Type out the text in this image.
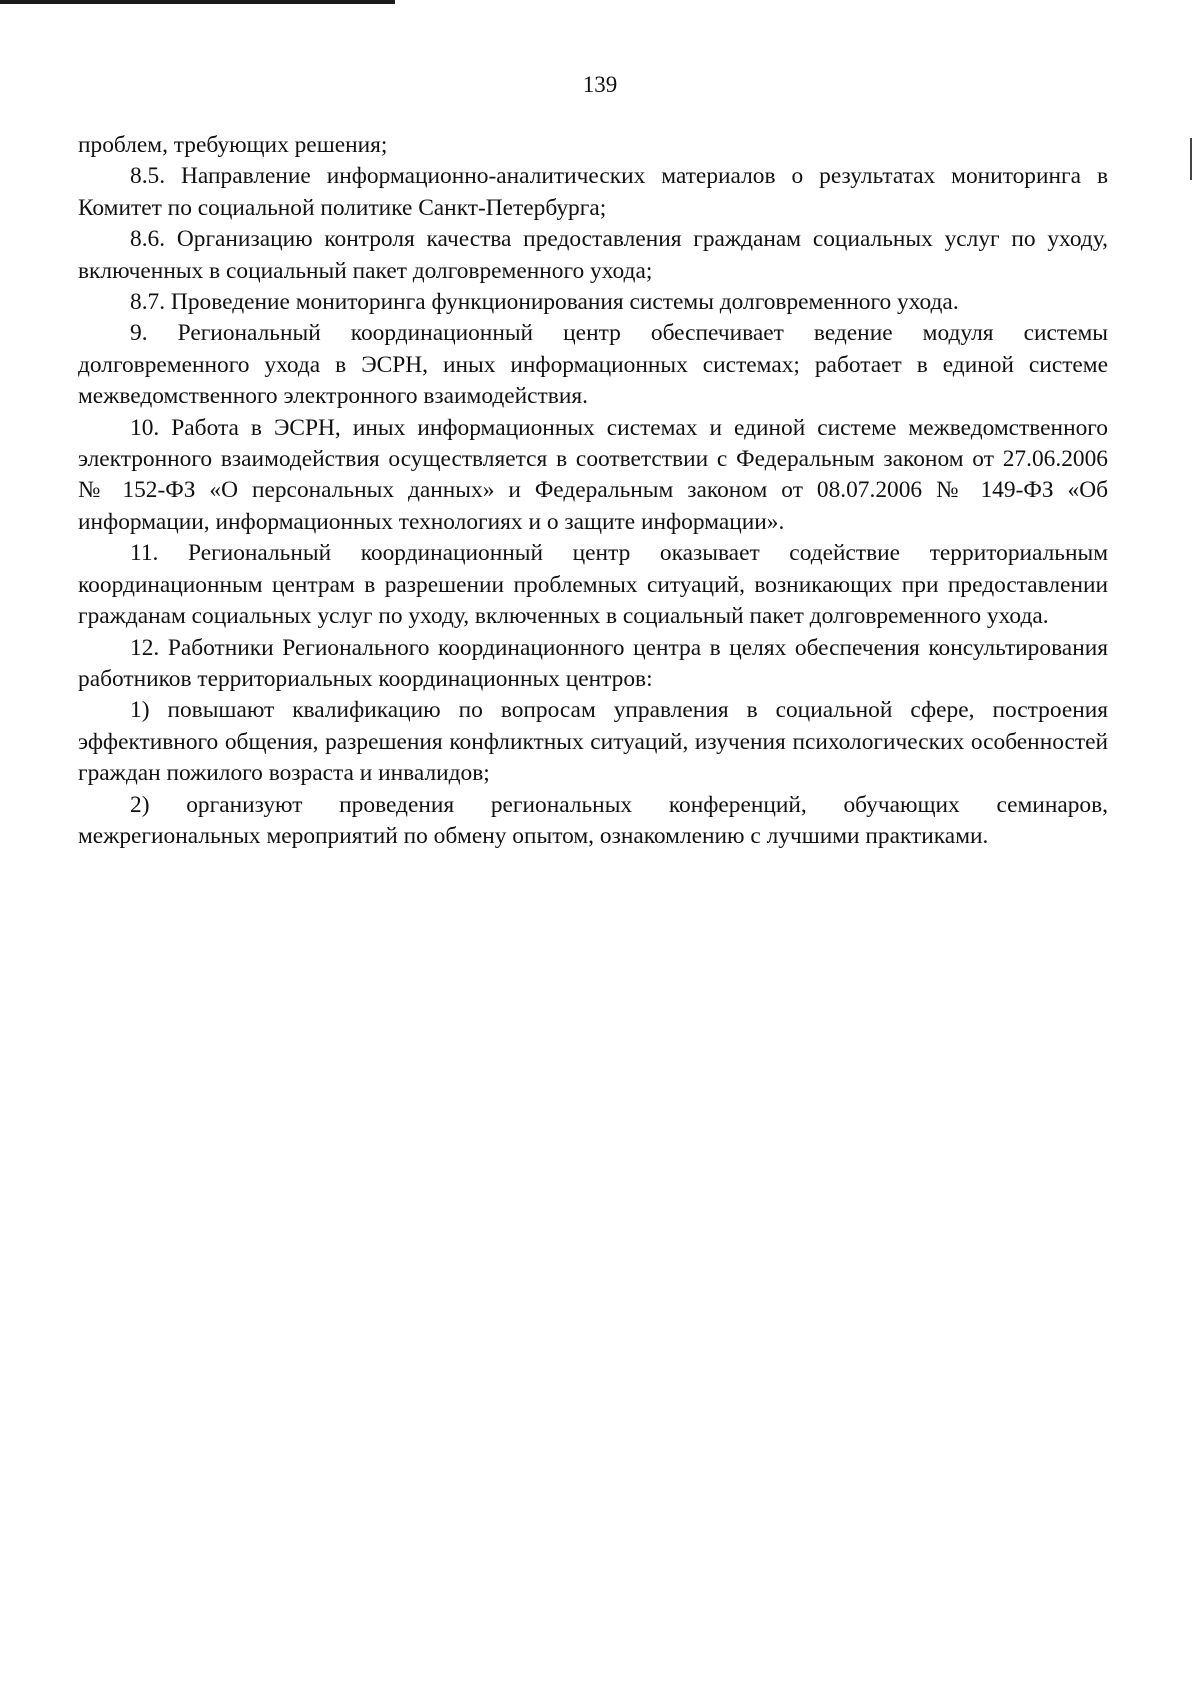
139

проблем, требующих решения;

8.5. Направление информационно-аналитических материалов о результатах мониторинга в Комитет по социальной политике Санкт-Петербурга;

8.6. Организацию контроля качества предоставления гражданам социальных услуг по уходу, включенных в социальный пакет долговременного ухода;

8.7. Проведение мониторинга функционирования системы долговременного ухода.

9. Региональный координационный центр обеспечивает ведение модуля системы долговременного ухода в ЭСРН, иных информационных системах; работает в единой системе межведомственного электронного взаимодействия.

10. Работа в ЭСРН, иных информационных системах и единой системе межведомственного электронного взаимодействия осуществляется в соответствии с Федеральным законом от 27.06.2006 № 152-ФЗ «О персональных данных» и Федеральным законом от 08.07.2006 № 149-ФЗ «Об информации, информационных технологиях и о защите информации».

11. Региональный координационный центр оказывает содействие территориальным координационным центрам в разрешении проблемных ситуаций, возникающих при предоставлении гражданам социальных услуг по уходу, включенных в социальный пакет долговременного ухода.

12. Работники Регионального координационного центра в целях обеспечения консультирования работников территориальных координационных центров:

1) повышают квалификацию по вопросам управления в социальной сфере, построения эффективного общения, разрешения конфликтных ситуаций, изучения психологических особенностей граждан пожилого возраста и инвалидов;

2) организуют проведения региональных конференций, обучающих семинаров, межрегиональных мероприятий по обмену опытом, ознакомлению с лучшими практиками.
